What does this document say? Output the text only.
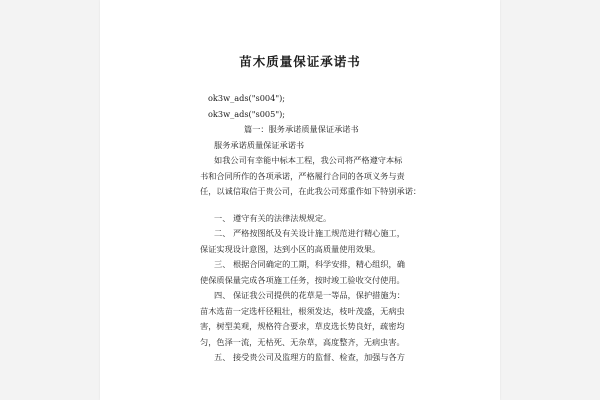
苗木质量保证承诺书
ok3w_ads("s004");
ok3w_ads("s005");
篇一：服务承诺质量保证承诺书
服务承诺质量保证承诺书
如我公司有幸能中标本工程，我公司将严格遵守本标
书和合同所作的各项承诺，严格履行合同的各项义务与责
任，以诚信取信于贵公司，在此我公司郑重作如下特别承诺：
一、 遵守有关的法律法规规定。
二、 严格按图纸及有关设计施工规范进行精心施工，
保证实现设计意图，达到小区的高质量使用效果。
三、 根据合同确定的工期，科学安排，精心组织，确
使保质保量完成各项施工任务，按时竣工验收交付使用。
四、 保证我公司提供的花草是一等品，保护措施为：
苗木选苗一定选杆径粗壮，根须发达，枝叶茂盛，无病虫
害，树型美观，规格符合要求，草皮选长势良好，疏密均
匀，色泽一流，无枯死、无杂草，高度整齐，无病虫害。
五、 接受贵公司及监理方的监督、检查，加强与各方
